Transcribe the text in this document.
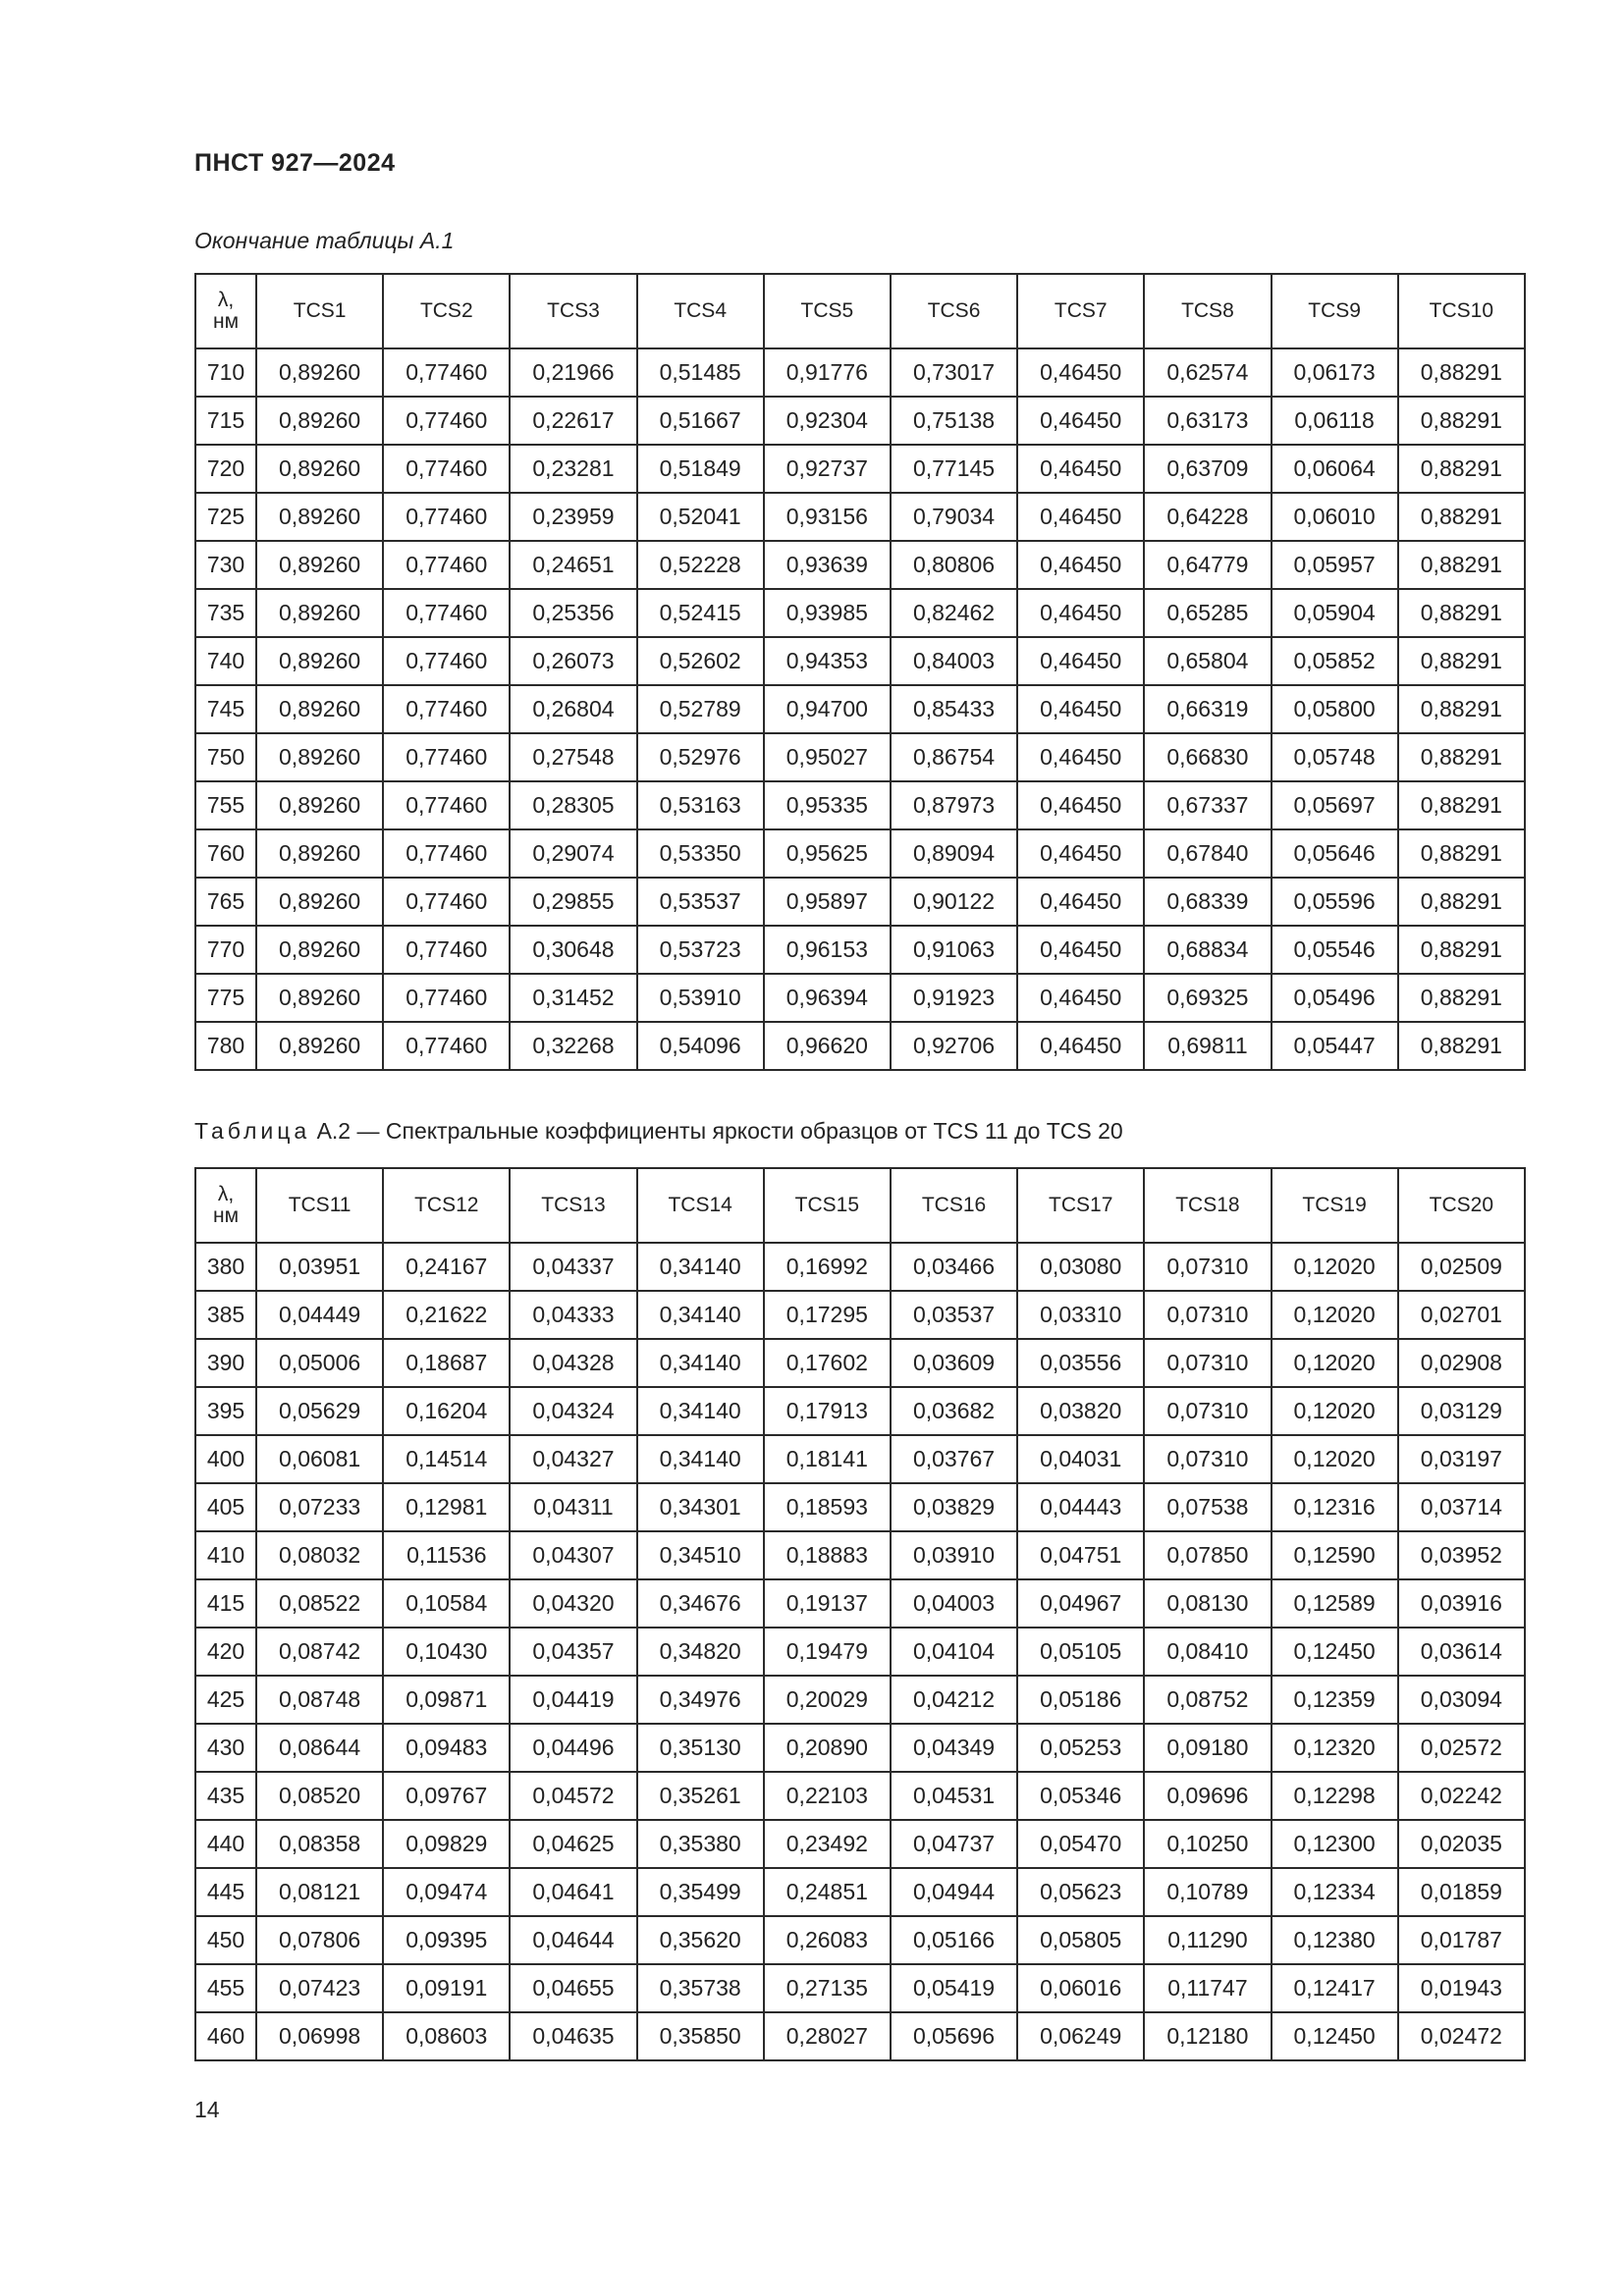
ПНСТ 927—2024
Окончание таблицы А.1
λ,
нм	TCS1	TCS2	TCS3	TCS4	TCS5	TCS6	TCS7	TCS8	TCS9	TCS10
710	0,89260	0,77460	0,21966	0,51485	0,91776	0,73017	0,46450	0,62574	0,06173	0,88291
715	0,89260	0,77460	0,22617	0,51667	0,92304	0,75138	0,46450	0,63173	0,06118	0,88291
720	0,89260	0,77460	0,23281	0,51849	0,92737	0,77145	0,46450	0,63709	0,06064	0,88291
725	0,89260	0,77460	0,23959	0,52041	0,93156	0,79034	0,46450	0,64228	0,06010	0,88291
730	0,89260	0,77460	0,24651	0,52228	0,93639	0,80806	0,46450	0,64779	0,05957	0,88291
735	0,89260	0,77460	0,25356	0,52415	0,93985	0,82462	0,46450	0,65285	0,05904	0,88291
740	0,89260	0,77460	0,26073	0,52602	0,94353	0,84003	0,46450	0,65804	0,05852	0,88291
745	0,89260	0,77460	0,26804	0,52789	0,94700	0,85433	0,46450	0,66319	0,05800	0,88291
750	0,89260	0,77460	0,27548	0,52976	0,95027	0,86754	0,46450	0,66830	0,05748	0,88291
755	0,89260	0,77460	0,28305	0,53163	0,95335	0,87973	0,46450	0,67337	0,05697	0,88291
760	0,89260	0,77460	0,29074	0,53350	0,95625	0,89094	0,46450	0,67840	0,05646	0,88291
765	0,89260	0,77460	0,29855	0,53537	0,95897	0,90122	0,46450	0,68339	0,05596	0,88291
770	0,89260	0,77460	0,30648	0,53723	0,96153	0,91063	0,46450	0,68834	0,05546	0,88291
775	0,89260	0,77460	0,31452	0,53910	0,96394	0,91923	0,46450	0,69325	0,05496	0,88291
780	0,89260	0,77460	0,32268	0,54096	0,96620	0,92706	0,46450	0,69811	0,05447	0,88291
Таблица А.2 — Спектральные коэффициенты яркости образцов от TCS 11 до TCS 20
λ,
нм	TCS11	TCS12	TCS13	TCS14	TCS15	TCS16	TCS17	TCS18	TCS19	TCS20
380	0,03951	0,24167	0,04337	0,34140	0,16992	0,03466	0,03080	0,07310	0,12020	0,02509
385	0,04449	0,21622	0,04333	0,34140	0,17295	0,03537	0,03310	0,07310	0,12020	0,02701
390	0,05006	0,18687	0,04328	0,34140	0,17602	0,03609	0,03556	0,07310	0,12020	0,02908
395	0,05629	0,16204	0,04324	0,34140	0,17913	0,03682	0,03820	0,07310	0,12020	0,03129
400	0,06081	0,14514	0,04327	0,34140	0,18141	0,03767	0,04031	0,07310	0,12020	0,03197
405	0,07233	0,12981	0,04311	0,34301	0,18593	0,03829	0,04443	0,07538	0,12316	0,03714
410	0,08032	0,11536	0,04307	0,34510	0,18883	0,03910	0,04751	0,07850	0,12590	0,03952
415	0,08522	0,10584	0,04320	0,34676	0,19137	0,04003	0,04967	0,08130	0,12589	0,03916
420	0,08742	0,10430	0,04357	0,34820	0,19479	0,04104	0,05105	0,08410	0,12450	0,03614
425	0,08748	0,09871	0,04419	0,34976	0,20029	0,04212	0,05186	0,08752	0,12359	0,03094
430	0,08644	0,09483	0,04496	0,35130	0,20890	0,04349	0,05253	0,09180	0,12320	0,02572
435	0,08520	0,09767	0,04572	0,35261	0,22103	0,04531	0,05346	0,09696	0,12298	0,02242
440	0,08358	0,09829	0,04625	0,35380	0,23492	0,04737	0,05470	0,10250	0,12300	0,02035
445	0,08121	0,09474	0,04641	0,35499	0,24851	0,04944	0,05623	0,10789	0,12334	0,01859
450	0,07806	0,09395	0,04644	0,35620	0,26083	0,05166	0,05805	0,11290	0,12380	0,01787
455	0,07423	0,09191	0,04655	0,35738	0,27135	0,05419	0,06016	0,11747	0,12417	0,01943
460	0,06998	0,08603	0,04635	0,35850	0,28027	0,05696	0,06249	0,12180	0,12450	0,02472
14
